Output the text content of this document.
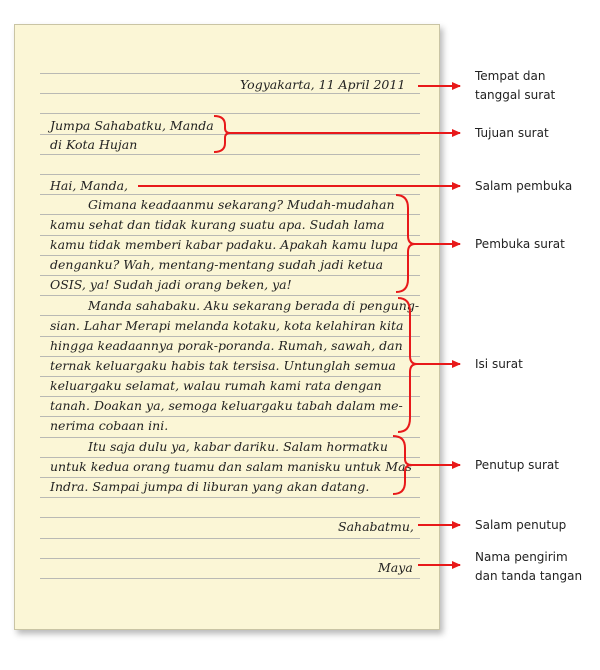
Yogyakarta, 11 April 2011
Jumpa Sahabatku, Manda
di Kota Hujan
Hai, Manda,
Gimana keadaanmu sekarang? Mudah-mudahan
kamu sehat dan tidak kurang suatu apa. Sudah lama
kamu tidak memberi kabar padaku. Apakah kamu lupa
denganku? Wah, mentang-mentang sudah jadi ketua
OSIS, ya! Sudah jadi orang beken, ya!
Manda sahabaku. Aku sekarang berada di pengung-
sian. Lahar Merapi melanda kotaku, kota kelahiran kita
hingga keadaannya porak-poranda. Rumah, sawah, dan
ternak keluargaku habis tak tersisa. Untunglah semua
keluargaku selamat, walau rumah kami rata dengan
tanah. Doakan ya, semoga keluargaku tabah dalam me-
nerima cobaan ini.
Itu saja dulu ya, kabar dariku. Salam hormatku
untuk kedua orang tuamu dan salam manisku untuk Mas
Indra. Sampai jumpa di liburan yang akan datang.
Sahabatmu,
Maya
Tempat dan
tanggal surat
Tujuan surat
Salam pembuka
Pembuka surat
Isi surat
Penutup surat
Salam penutup
Nama pengirim
dan tanda tangan
